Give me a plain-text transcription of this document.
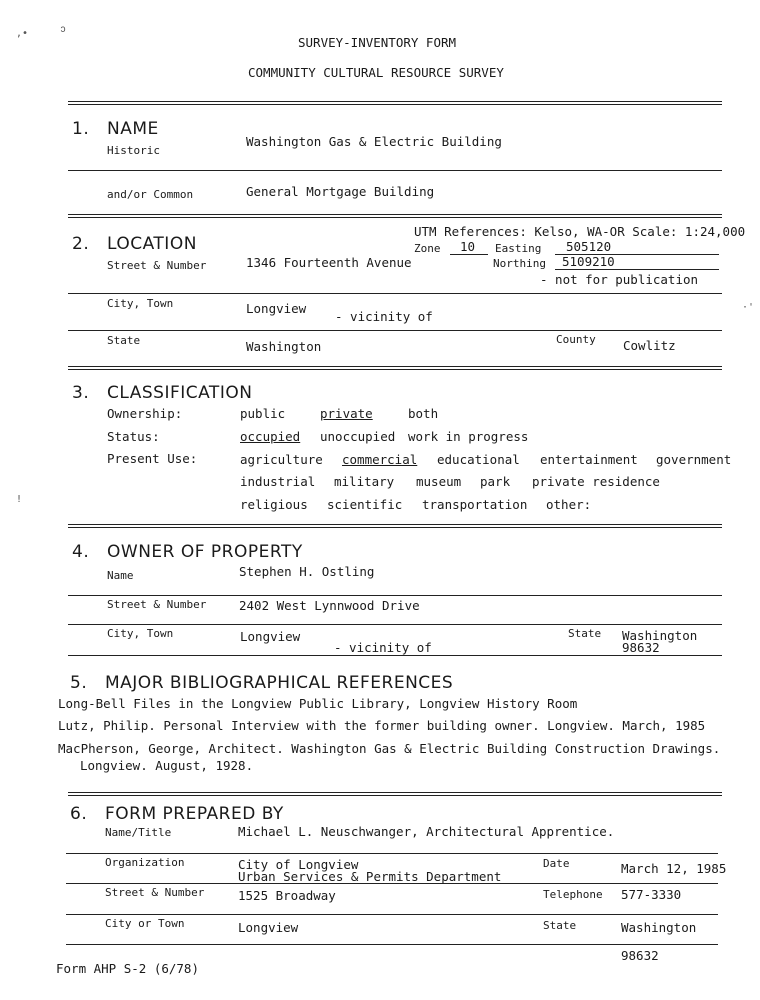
,•	ↄ
SURVEY-INVENTORY FORM
COMMUNITY CULTURAL RESOURCE SURVEY
1. NAME
Historic
Washington Gas & Electric Building
and/or Common	General Mortgage Building
UTM References: Kelso, WA-OR Scale: 1:24,000
2. LOCATION	Zone 10 Easting 505120
Street & Number	1346 Fourteenth Avenue	Northing 5109210
- not for publication
City, Town	Longview
- vicinity of
State	Washington	County Cowlitz
3. CLASSIFICATION
Ownership:	public	private	both
Status:	occupied unoccupied work in progress
Present Use:	agriculture commercial educational entertainment government
industrial military museum park private residence
religious scientific transportation other:
!
·'
4. OWNER OF PROPERTY
Name	Stephen H. Ostling
Street & Number	2402 West Lynnwood Drive
City, Town	Longview
- vicinity of
State Washington
98632
5. MAJOR BIBLIOGRAPHICAL REFERENCES
Long-Bell Files in the Longview Public Library, Longview History Room
Lutz, Philip. Personal Interview with the former building owner. Longview. March, 1985
MacPherson, George, Architect. Washington Gas & Electric Building Construction Drawings.
Longview. August, 1928.
6. FORM PREPARED BY
Name/Title	Michael L. Neuschwanger, Architectural Apprentice.
Organization	City of Longview
Urban Services & Permits Department
Date	March 12, 1985
Street & Number	1525 Broadway	Telephone 577-3330
City or Town	Longview	State	Washington
98632
Form AHP S-2 (6/78)
